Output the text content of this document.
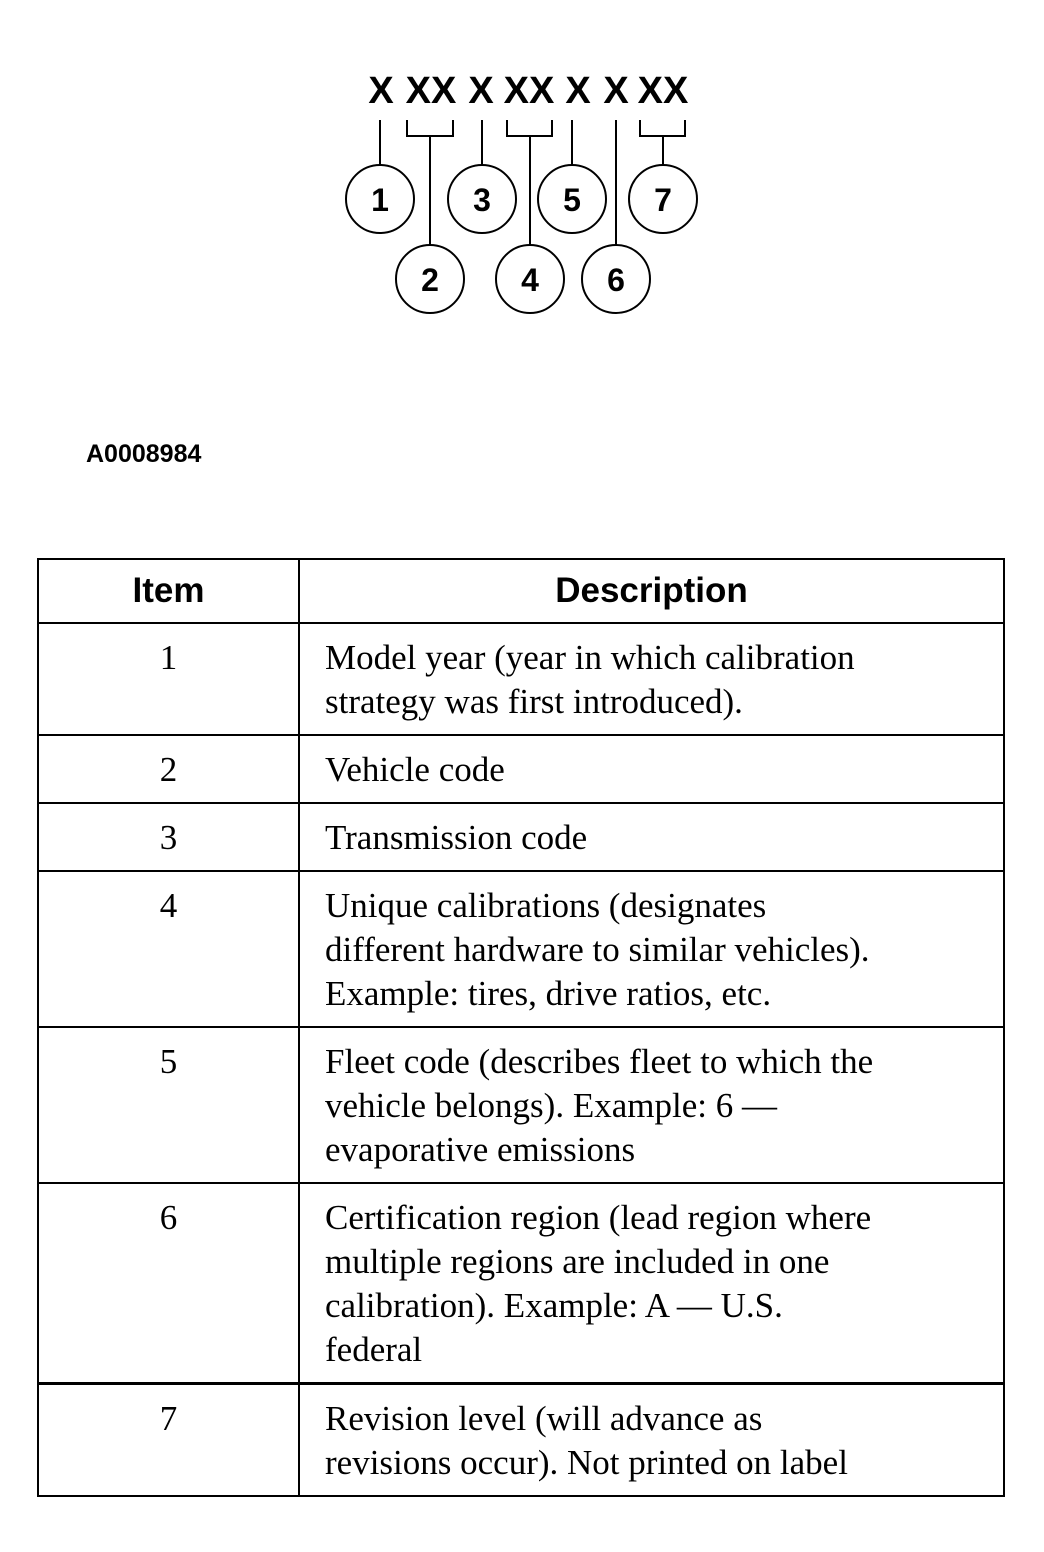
X XX X XX X X XX
1
2
3
4
5
6
7
A0008984
Item	Description
1	Model year (year in which calibration
strategy was first introduced).
2	Vehicle code
3	Transmission code
4	Unique calibrations (designates
different hardware to similar vehicles).
Example: tires, drive ratios, etc.
5	Fleet code (describes fleet to which the
vehicle belongs). Example: 6 —
evaporative emissions
6	Certification region (lead region where
multiple regions are included in one
calibration). Example: A — U.S.
federal
7	Revision level (will advance as
revisions occur). Not printed on label
